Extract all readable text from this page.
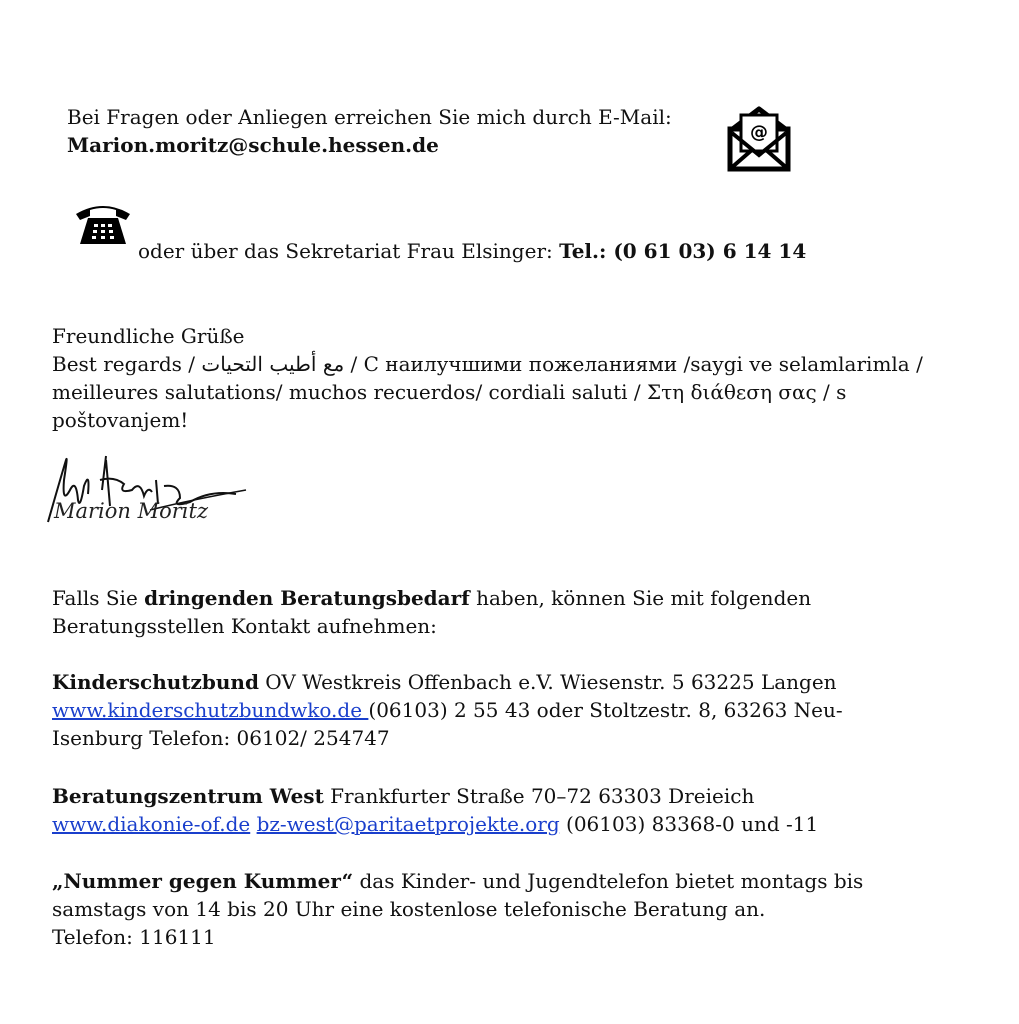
Bei Fragen oder Anliegen erreichen Sie mich durch E-Mail:
Marion.moritz@schule.hessen.de
@
oder über das Sekretariat Frau Elsinger: Tel.: (0 61 03) 6 14 14
Freundliche Grüße
Best regards / مع أطيب التحيات / С наилучшими пожеланиями /saygi ve selamlarimla /
meilleures salutations/ muchos recuerdos/ cordiali saluti / Στη διάθεση σας / s
poštovanjem!
Marion Moritz
Falls Sie dringenden Beratungsbedarf haben, können Sie mit folgenden
Beratungsstellen Kontakt aufnehmen:
Kinderschutzbund OV Westkreis Offenbach e.V. Wiesenstr. 5 63225 Langen
www.kinderschutzbundwko.de (06103) 2 55 43 oder Stoltzestr. 8, 63263 Neu-
Isenburg Telefon: 06102/ 254747
Beratungszentrum West Frankfurter Straße 70–72 63303 Dreieich
www.diakonie-of.de bz-west@paritaetprojekte.org (06103) 83368-0 und -11
„Nummer gegen Kummer“ das Kinder- und Jugendtelefon bietet montags bis
samstags von 14 bis 20 Uhr eine kostenlose telefonische Beratung an.
Telefon: 116111
